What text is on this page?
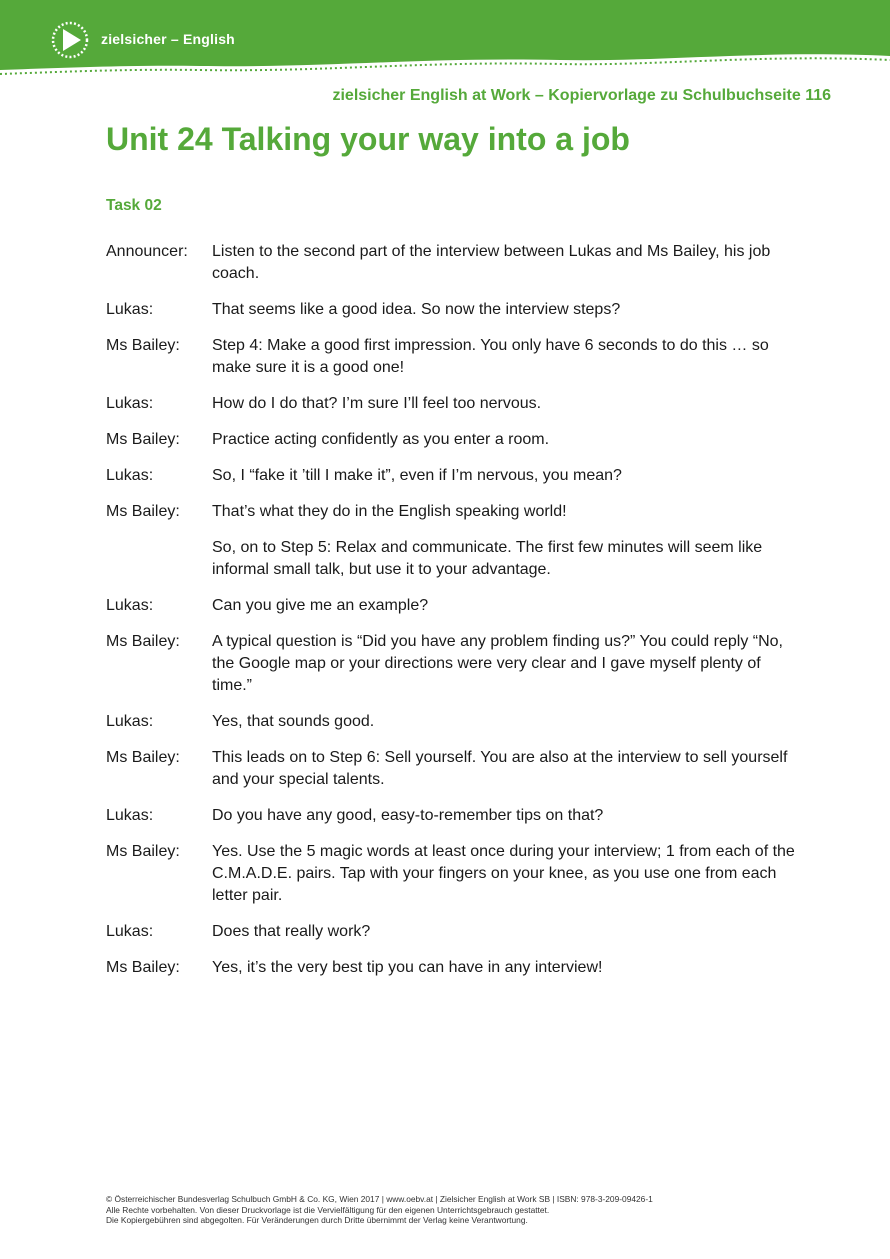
zielsicher – English
zielsicher English at Work – Kopiervorlage zu Schulbuchseite 116
Unit 24 Talking your way into a job
Task 02
Announcer:	Listen to the second part of the interview between Lukas and Ms Bailey, his job coach.
Lukas:	That seems like a good idea. So now the interview steps?
Ms Bailey:	Step 4: Make a good first impression. You only have 6 seconds to do this … so make sure it is a good one!
Lukas:	How do I do that? I’m sure I’ll feel too nervous.
Ms Bailey:	Practice acting confidently as you enter a room.
Lukas:	So, I “fake it ’till I make it”, even if I’m nervous, you mean?
Ms Bailey:	That’s what they do in the English speaking world!
So, on to Step 5: Relax and communicate. The first few minutes will seem like informal small talk, but use it to your advantage.
Lukas:	Can you give me an example?
Ms Bailey:	A typical question is “Did you have any problem finding us?” You could reply “No, the Google map or your directions were very clear and I gave myself plenty of time.”
Lukas:	Yes, that sounds good.
Ms Bailey:	This leads on to Step 6: Sell yourself. You are also at the interview to sell yourself and your special talents.
Lukas:	Do you have any good, easy-to-remember tips on that?
Ms Bailey:	Yes. Use the 5 magic words at least once during your interview; 1 from each of the C.M.A.D.E. pairs. Tap with your fingers on your knee, as you use one from each letter pair.
Lukas:	Does that really work?
Ms Bailey:	Yes, it’s the very best tip you can have in any interview!
© Österreichischer Bundesverlag Schulbuch GmbH & Co. KG, Wien 2017 | www.oebv.at | Zielsicher English at Work SB | ISBN: 978-3-209-09426-1
Alle Rechte vorbehalten. Von dieser Druckvorlage ist die Vervielfältigung für den eigenen Unterrichtsgebrauch gestattet.
Die Kopiergebühren sind abgegolten. Für Veränderungen durch Dritte übernimmt der Verlag keine Verantwortung.
